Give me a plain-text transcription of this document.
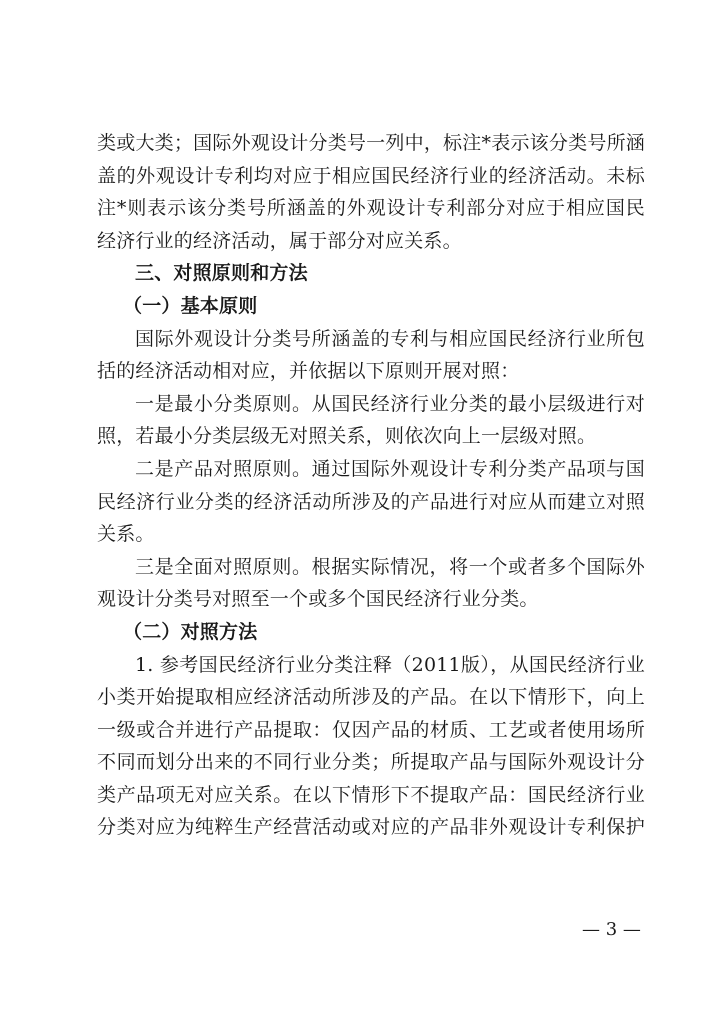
类或大类；国际外观设计分类号一列中，标注*表示该分类号所涵
盖的外观设计专利均对应于相应国民经济行业的经济活动。未标
注*则表示该分类号所涵盖的外观设计专利部分对应于相应国民
经济行业的经济活动，属于部分对应关系。
三、对照原则和方法
（一）基本原则
国际外观设计分类号所涵盖的专利与相应国民经济行业所包
括的经济活动相对应，并依据以下原则开展对照：
一是最小分类原则。从国民经济行业分类的最小层级进行对
照，若最小分类层级无对照关系，则依次向上一层级对照。
二是产品对照原则。通过国际外观设计专利分类产品项与国
民经济行业分类的经济活动所涉及的产品进行对应从而建立对照
关系。
三是全面对照原则。根据实际情况，将一个或者多个国际外
观设计分类号对照至一个或多个国民经济行业分类。
（二）对照方法
1. 参考国民经济行业分类注释（2011版），从国民经济行业
小类开始提取相应经济活动所涉及的产品。在以下情形下，向上
一级或合并进行产品提取：仅因产品的材质、工艺或者使用场所
不同而划分出来的不同行业分类；所提取产品与国际外观设计分
类产品项无对应关系。在以下情形下不提取产品：国民经济行业
分类对应为纯粹生产经营活动或对应的产品非外观设计专利保护
— 3 —
